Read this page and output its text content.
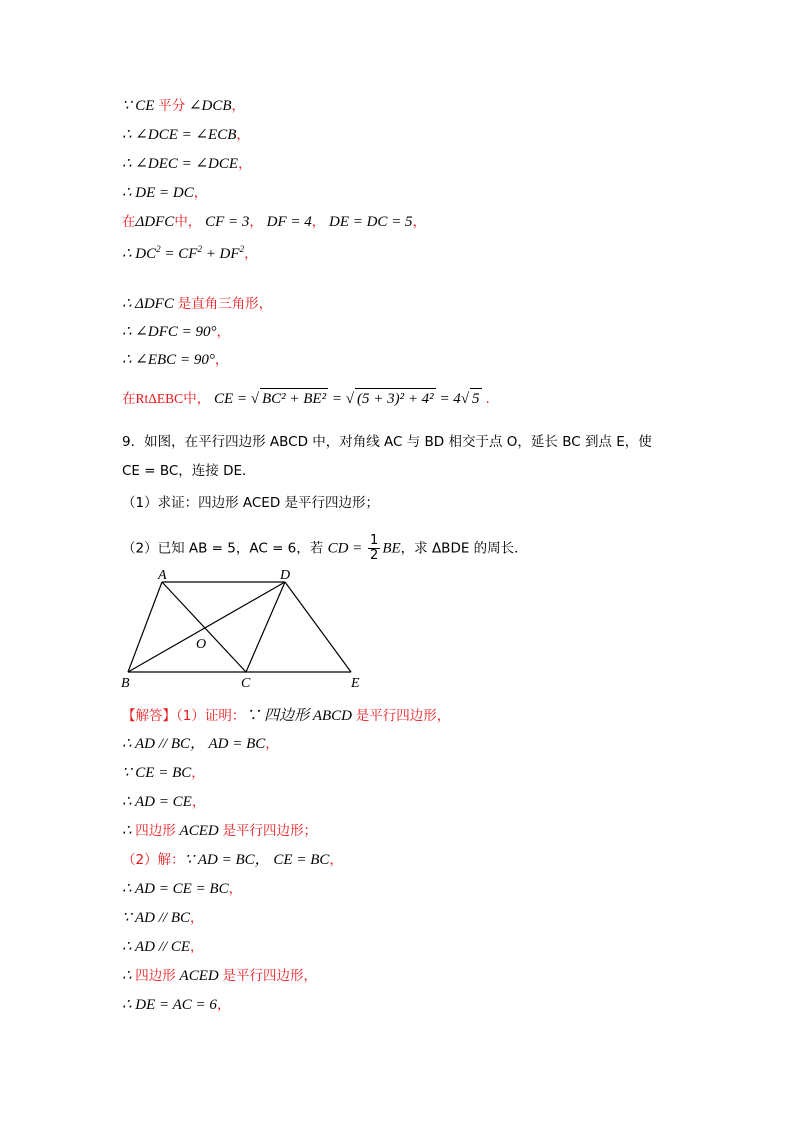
∵ CE 平分 ∠DCB，
∴ ∠DCE = ∠ECB，
∴ ∠DEC = ∠DCE，
∴ DE = DC，
在ΔDFC中， CF = 3， DF = 4， DE = DC = 5，
∴ $DC^2 = CF^2 + DF^2$，
∴ ΔDFC 是直角三角形，
∴ ∠DFC = 90°，
∴ ∠EBC = 90°，
在RtΔEBC中， CE = √ BC² + BE² = √ (5 + 3)² + 4² = 4√ 5 .
9．如图，在平行四边形 ABCD 中，对角线 AC 与 BD 相交于点 O，延长 BC 到点 E，使
CE = BC，连接 DE．
（1）求证：四边形 ACED 是平行四边形；
（2）已知 AB = 5，AC = 6，若 CD = $\frac{1}{2}$ BE，求 ΔBDE 的周长．
A	D
O
B	C	E
【解答】（1）证明：∵ 四边形 ABCD 是平行四边形，
∴ AD // BC， AD = BC，
∵ CE = BC，
∴ AD = CE，
∴ 四边形 ACED 是平行四边形；
（2）解：∵ AD = BC， CE = BC，
∴ AD = CE = BC，
∵ AD // BC，
∴ AD // CE，
∴ 四边形 ACED 是平行四边形，
∴ DE = AC = 6，
